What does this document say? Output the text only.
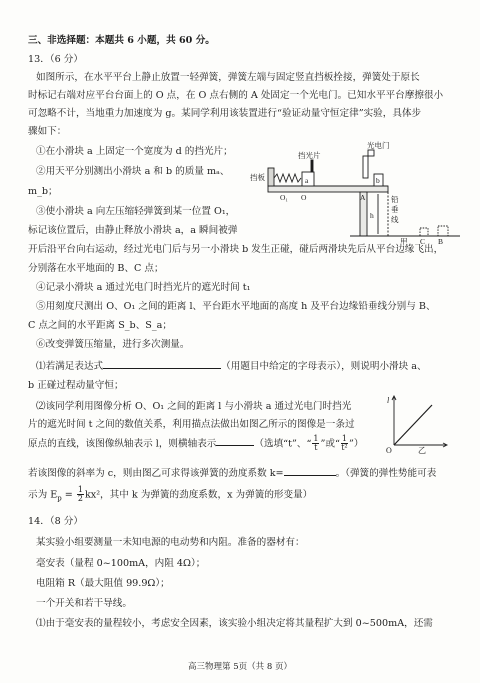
三、非选择题：本题共 6 小题，共 60 分。
13．（6 分）
如图所示，在水平平台上静止放置一轻弹簧，弹簧左端与固定竖直挡板拴接，弹簧处于原长
时标记右端对应平台台面上的 O 点，在 O 点右侧的 A 处固定一个光电门。已知水平平台摩擦很小
可忽略不计，当地重力加速度为 g。某同学利用该装置进行“验证动量守恒定律”实验，具体步
骤如下：
①在小滑块 a 上固定一个宽度为 d 的挡光片；
②用天平分别测出小滑块 a 和 b 的质量 mₐ、
m_b；
③使小滑块 a 向左压缩轻弹簧到某一位置 O₁，
标记该位置后，由静止释放小滑块 a，a 瞬间被弹
开后沿平台向右运动，经过光电门后与另一小滑块 b 发生正碰，碰后两滑块先后从平台边缘飞出，
分别落在水平地面的 B、C 点；
④记录小滑块 a 通过光电门时挡光片的遮光时间 t₁
⑤用刻度尺测出 O、O₁ 之间的距离 l、平台距水平地面的高度 h 及平台边缘铅垂线分别与 B、
C 点之间的水平距离 S_b、S_a；
⑥改变弹簧压缩量，进行多次测量。
⑴若满足表达式	（用题目中给定的字母表示），则说明小滑块 a、
b 正碰过程动量守恒；
⑵该同学利用图像分析 O、O₁ 之间的距离 l 与小滑块 a 通过光电门时挡光
片的遮光时间 t 之间的数值关系，利用描点法做出如图乙所示的图像是一条过
原点的直线，该图像纵轴表示 l，则横轴表示	（选填“t”、“ $\frac{1}{t}$ ”或“ $\frac{1}{\text{t²}}$ ”）
若该图像的斜率为 c，则由图乙可求得该弹簧的劲度系数 k=	。（弹簧的弹性势能可表
示为 $E_p = \frac{1}{2} kx^2$，其中 k 为弹簧的劲度系数，x 为弹簧的形变量）
14．（8 分）
某实验小组要测量一未知电源的电动势和内阻。准备的器材有：
毫安表（量程 0~100mA，内阻 4Ω）；
电阻箱 R（最大阻值 99.9Ω）；
一个开关和若干导线。
⑴由于毫安表的量程较小，考虑安全因素，该实验小组决定将其量程扩大到 0~500mA，还需
光电门
挡光片
挡板	a	b
O₁ O	A
h
铅
垂
线
C B
甲
l
O	乙
高三物理第 5页（共 8 页）
